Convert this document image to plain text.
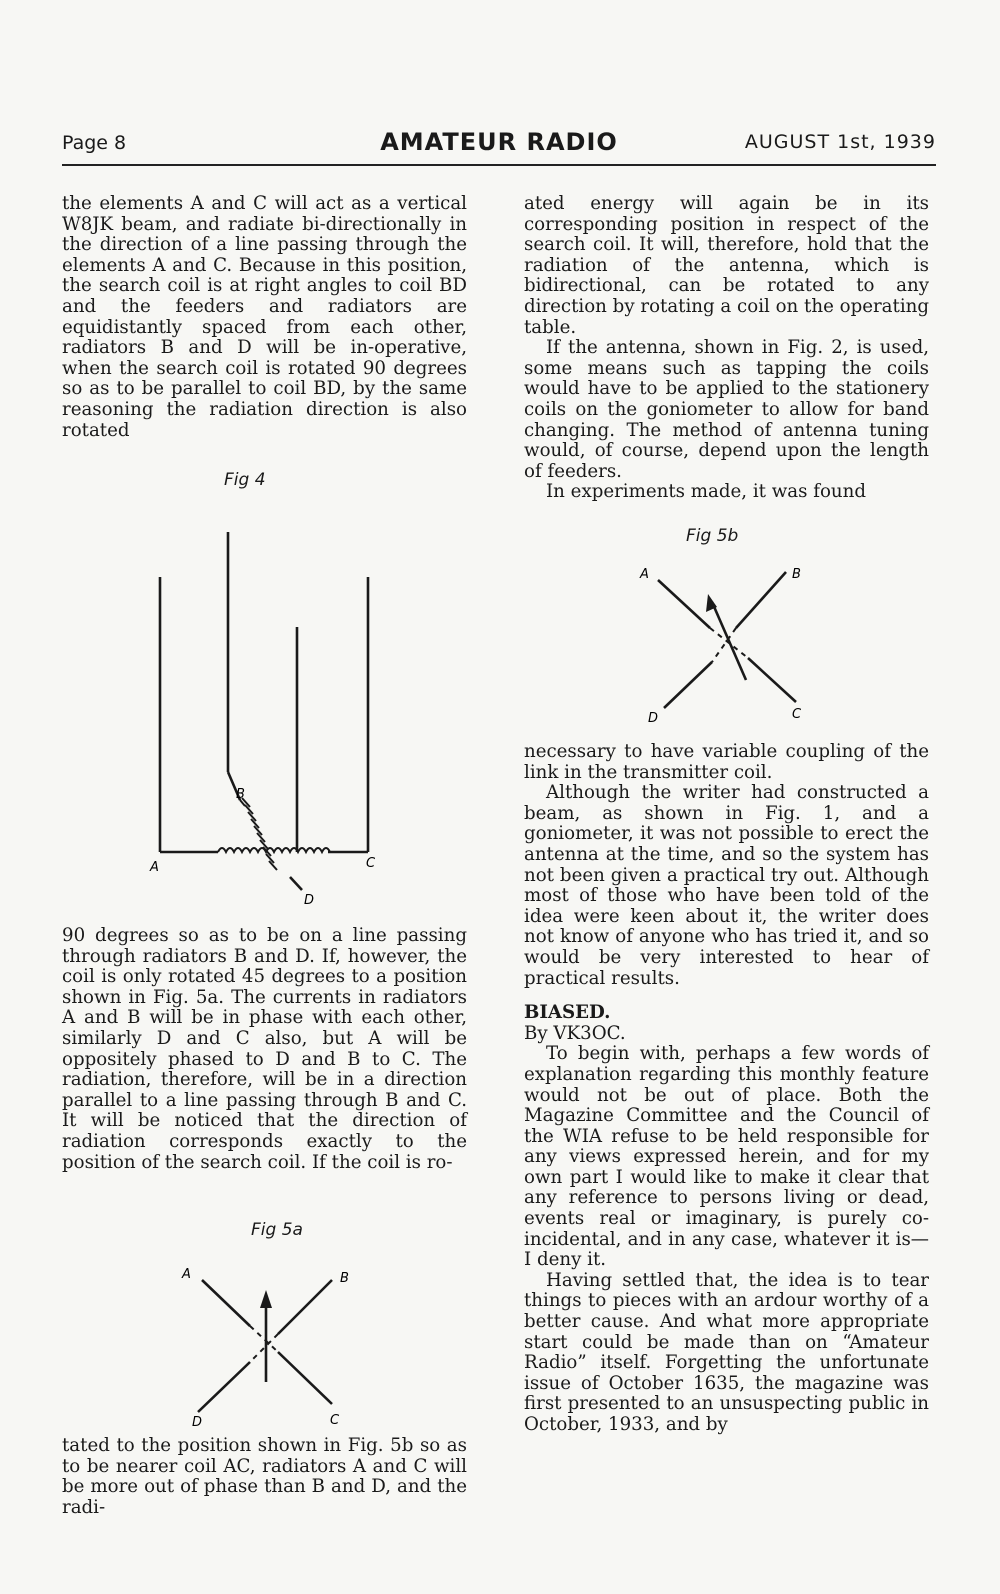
Page 8	AMATEUR RADIO	AUGUST 1st, 1939

the elements A and C will act as a vertical W8JK beam, and radiate bi-directionally in the direction of a line passing through the elements A and C. Because in this position, the search coil is at right angles to coil BD and the feeders and radiators are equidistantly spaced from each other, radiators B and D will be in-operative, when the search coil is rotated 90 degrees so as to be parallel to coil BD, by the same reasoning the radiation direction is also rotated

Fig 4
B
A	C
D

90 degrees so as to be on a line passing through radiators B and D. If, however, the coil is only rotated 45 degrees to a position shown in Fig. 5a. The currents in radiators A and B will be in phase with each other, similarly D and C also, but A will be oppositely phased to D and B to C. The radiation, therefore, will be in a direction parallel to a line passing through B and C. It will be noticed that the direction of radiation corresponds exactly to the position of the search coil. If the coil is ro-

Fig 5a
A	B
D	C

tated to the position shown in Fig. 5b so as to be nearer coil AC, radiators A and C will be more out of phase than B and D, and the radi-

ated energy will again be in its corresponding position in respect of the search coil. It will, therefore, hold that the radiation of the antenna, which is bidirectional, can be rotated to any direction by rotating a coil on the operating table.

If the antenna, shown in Fig. 2, is used, some means such as tapping the coils would have to be applied to the stationery coils on the goniometer to allow for band changing. The method of antenna tuning would, of course, depend upon the length of feeders.

In experiments made, it was found

Fig 5b
A	B
D	C

necessary to have variable coupling of the link in the transmitter coil.

Although the writer had constructed a beam, as shown in Fig. 1, and a goniometer, it was not possible to erect the antenna at the time, and so the system has not been given a practical try out. Although most of those who have been told of the idea were keen about it, the writer does not know of anyone who has tried it, and so would be very interested to hear of practical results.

BIASED.

By VK3OC.

To begin with, perhaps a few words of explanation regarding this monthly feature would not be out of place. Both the Magazine Committee and the Council of the WIA refuse to be held responsible for any views expressed herein, and for my own part I would like to make it clear that any reference to persons living or dead, events real or imaginary, is purely co-incidental, and in any case, whatever it is—I deny it.

Having settled that, the idea is to tear things to pieces with an ardour worthy of a better cause. And what more appropriate start could be made than on “Amateur Radio” itself. Forgetting the unfortunate issue of October 1635, the magazine was first presented to an unsuspecting public in October, 1933, and by
